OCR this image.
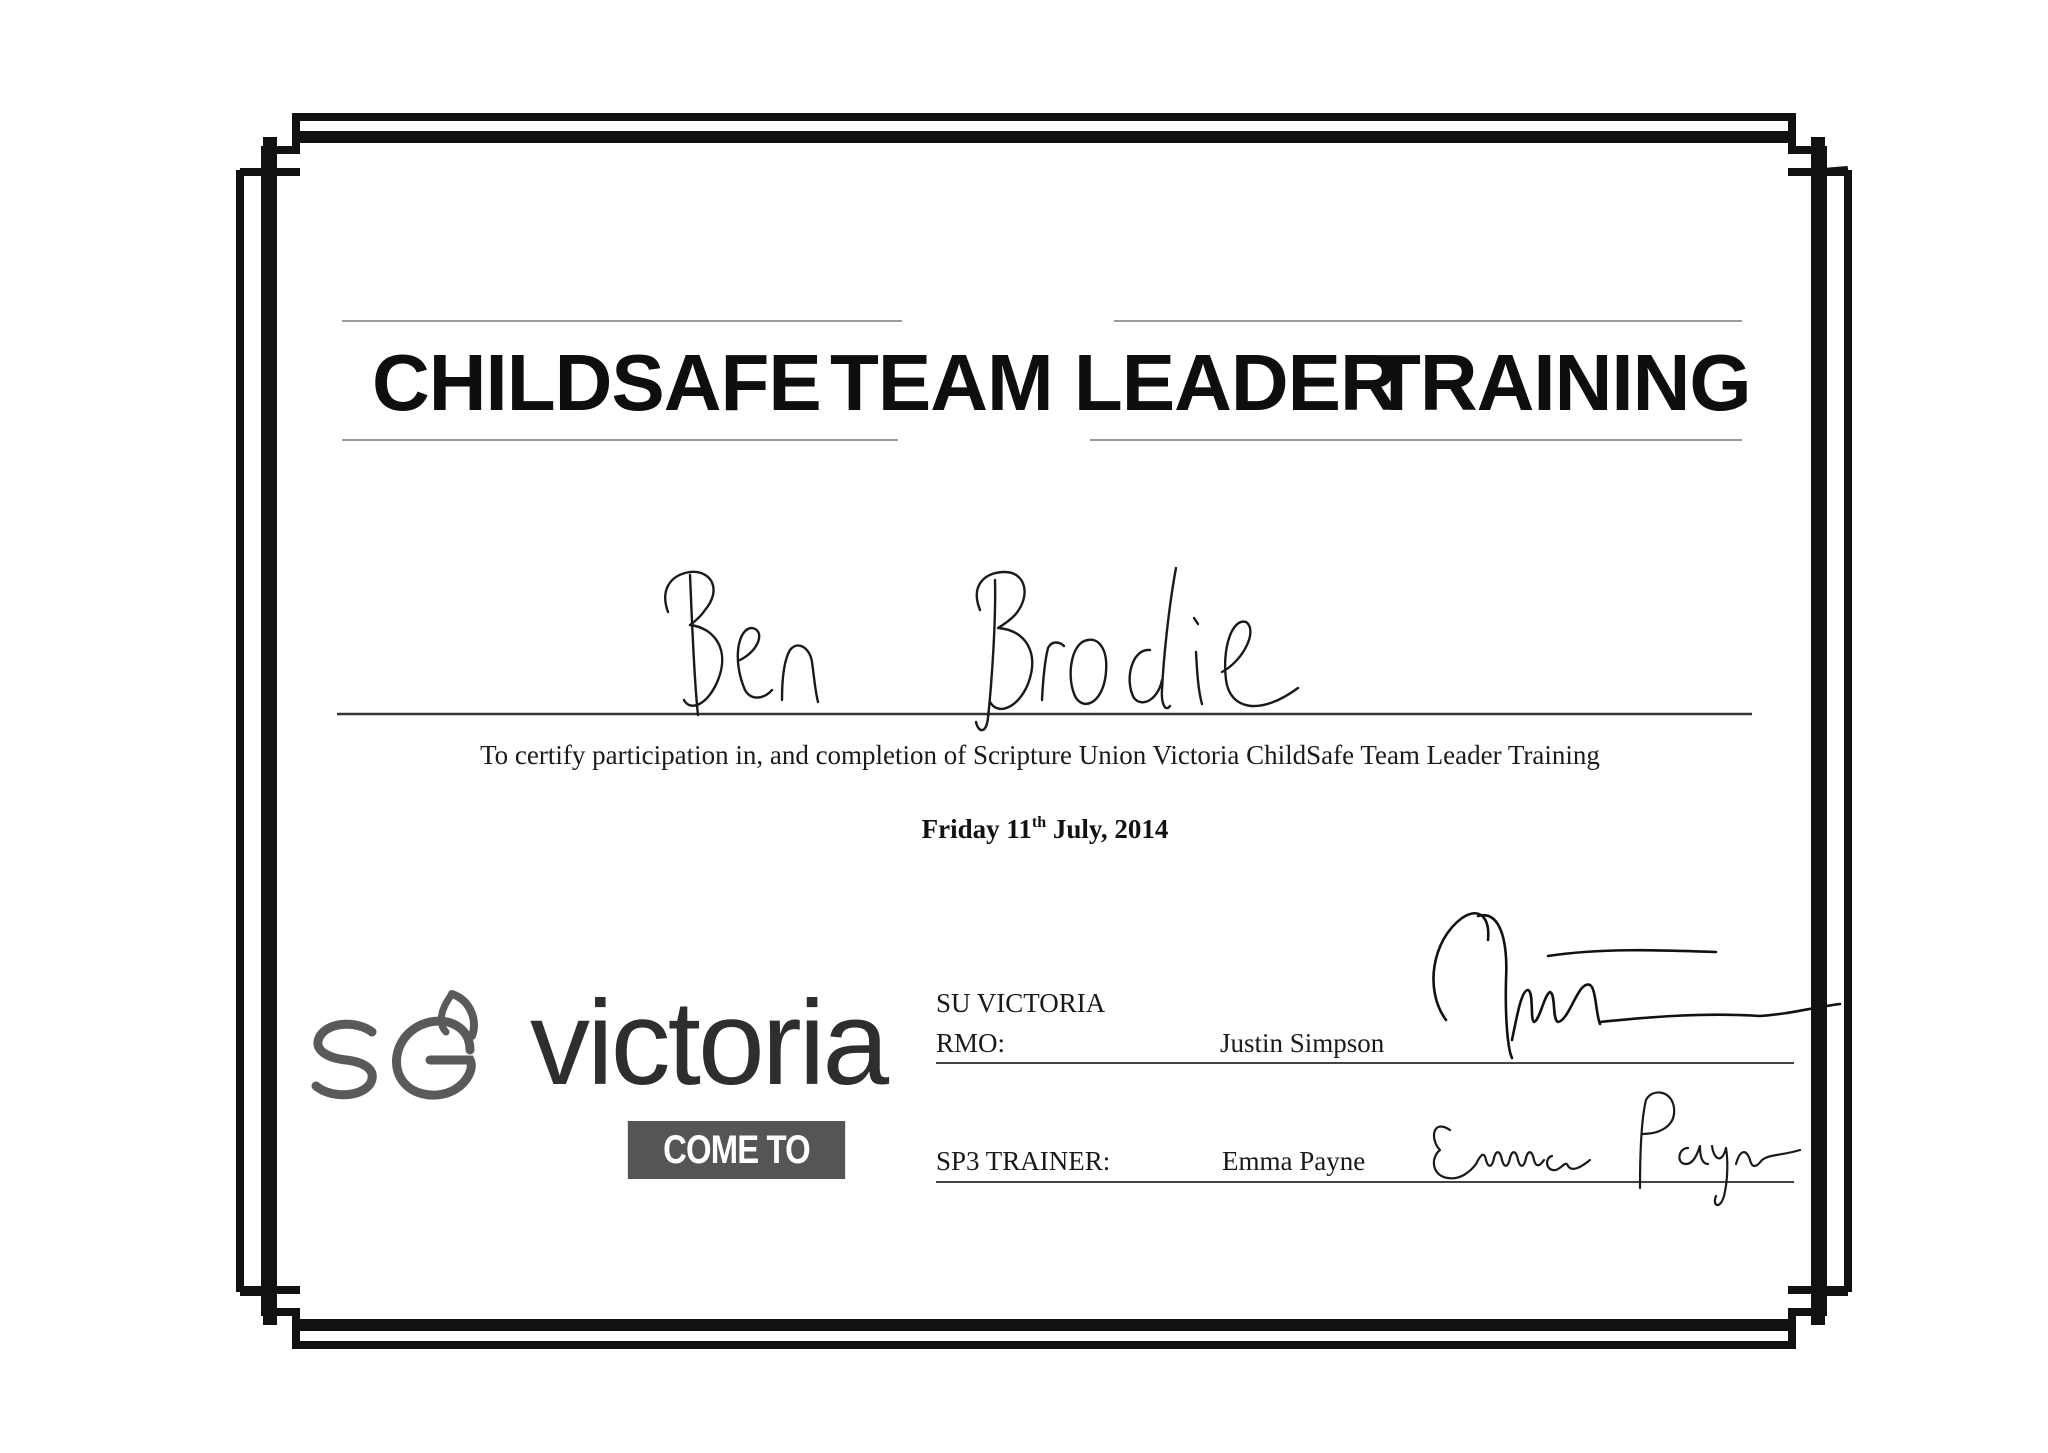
CHILDSAFE TEAM LEADER
TRAINING
To certify participation in, and completion of Scripture Union Victoria ChildSafe Team Leader Training
Friday 11th July, 2014
victoria
COME TO LIFE
SU VICTORIA
RMO:	Justin Simpson
SP3 TRAINER:	Emma Payne
